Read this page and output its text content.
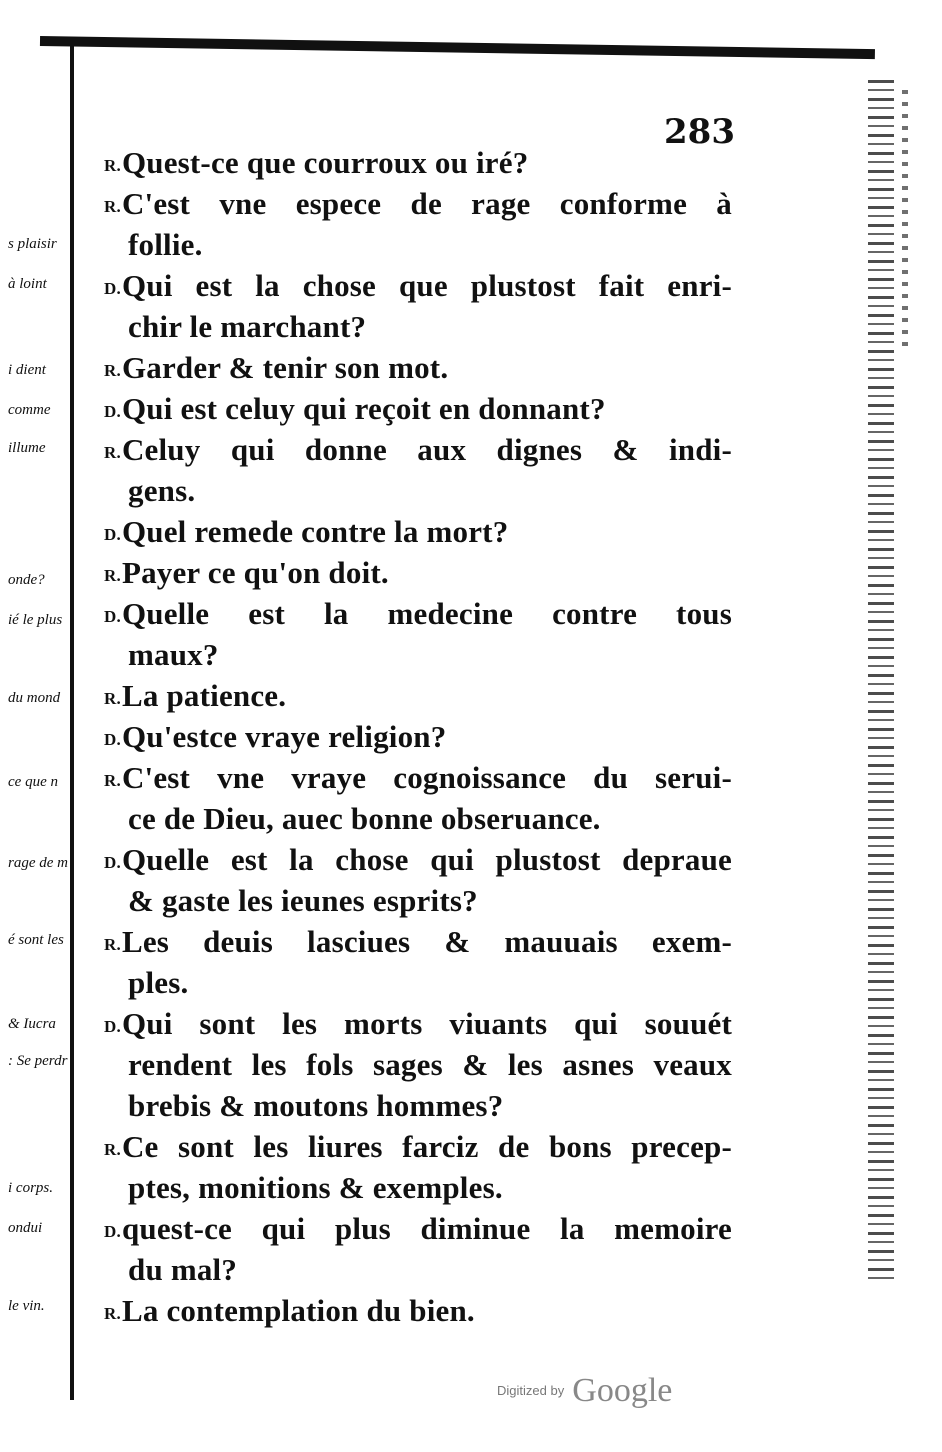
283
s plaisir
à loint
i dient
comme
illume
onde?
ié le plus
du mond
ce que n
rage de m
é sont les
& Iucra
: Se perdr
i corps.
ondui
le vin.
R.Quest-ce que courroux ou iré?
R.C'est vne espece de rage conforme à
follie.
D.Qui est la chose que plustost fait enri-
chir le marchant?
R.Garder & tenir son mot.
D.Qui est celuy qui reçoit en donnant?
R.Celuy qui donne aux dignes & indi-
gens.
D.Quel remede contre la mort?
R.Payer ce qu'on doit.
D.Quelle est la medecine contre tous
maux?
R.La patience.
D.Qu'estce vraye religion?
R.C'est vne vraye cognoissance du serui-
ce de Dieu, auec bonne obseruance.
D.Quelle est la chose qui plustost depraue
& gaste les ieunes esprits?
R.Les deuis lasciues & mauuais exem-
ples.
D.Qui sont les morts viuants qui souuét
rendent les fols sages & les asnes veaux
brebis & moutons hommes?
R.Ce sont les liures farciz de bons precep-
ptes, monitions & exemples.
D.quest-ce qui plus diminue la memoire
du mal?
R.La contemplation du bien.
Digitized by Google
